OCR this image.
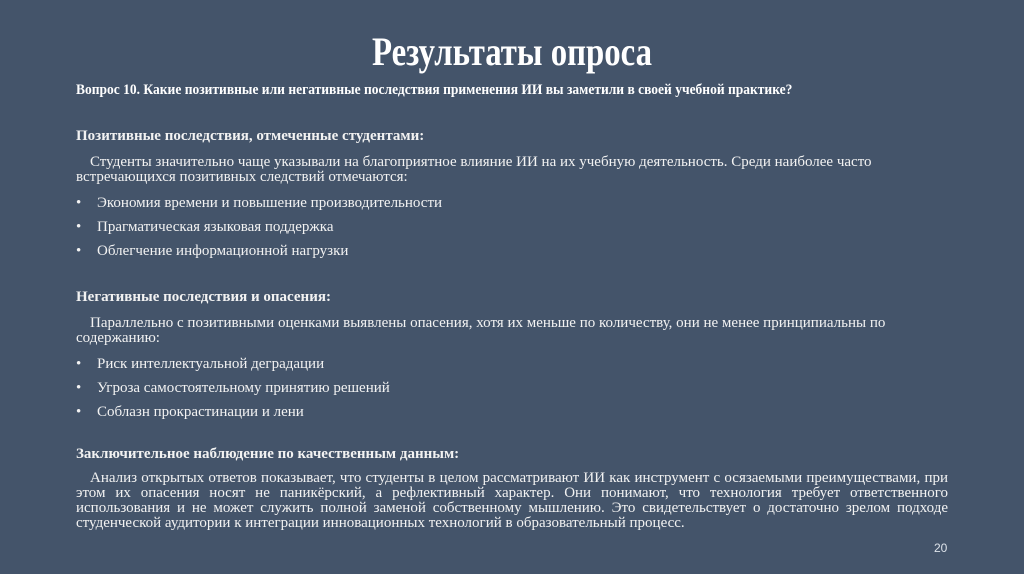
Результаты опроса
Вопрос 10. Какие позитивные или негативные последствия применения ИИ вы заметили в своей учебной практике?
Позитивные последствия, отмеченные студентами:
Студенты значительно чаще указывали на благоприятное влияние ИИ на их учебную деятельность. Среди наиболее часто встречающихся позитивных следствий отмечаются:
• Экономия времени и повышение производительности
• Прагматическая языковая поддержка
• Облегчение информационной нагрузки
Негативные последствия и опасения:
Параллельно с позитивными оценками выявлены опасения, хотя их меньше по количеству, они не менее принципиальны по содержанию:
• Риск интеллектуальной деградации
• Угроза самостоятельному принятию решений
• Соблазн прокрастинации и лени
Заключительное наблюдение по качественным данным:
Анализ открытых ответов показывает, что студенты в целом рассматривают ИИ как инструмент с осязаемыми преимуществами, при этом их опасения носят не паникёрский, а рефлективный характер. Они понимают, что технология требует ответственного использования и не может служить полной заменой собственному мышлению. Это свидетельствует о достаточно зрелом подходе студенческой аудитории к интеграции инновационных технологий в образовательный процесс.
20
